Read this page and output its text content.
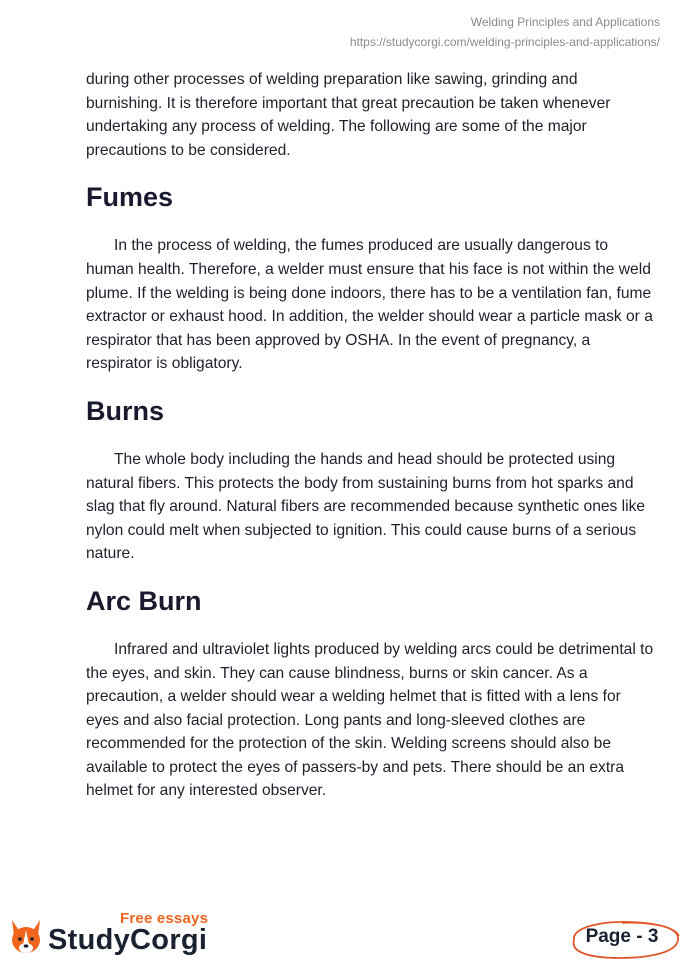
Welding Principles and Applications
https://studycorgi.com/welding-principles-and-applications/

during other processes of welding preparation like sawing, grinding and burnishing. It is therefore important that great precaution be taken whenever undertaking any process of welding. The following are some of the major precautions to be considered.

Fumes

In the process of welding, the fumes produced are usually dangerous to human health. Therefore, a welder must ensure that his face is not within the weld plume. If the welding is being done indoors, there has to be a ventilation fan, fume extractor or exhaust hood. In addition, the welder should wear a particle mask or a respirator that has been approved by OSHA. In the event of pregnancy, a respirator is obligatory.

Burns

The whole body including the hands and head should be protected using natural fibers. This protects the body from sustaining burns from hot sparks and slag that fly around. Natural fibers are recommended because synthetic ones like nylon could melt when subjected to ignition. This could cause burns of a serious nature.

Arc Burn

Infrared and ultraviolet lights produced by welding arcs could be detrimental to the eyes, and skin. They can cause blindness, burns or skin cancer. As a precaution, a welder should wear a welding helmet that is fitted with a lens for eyes and also facial protection. Long pants and long-sleeved clothes are recommended for the protection of the skin. Welding screens should also be available to protect the eyes of passers-by and pets. There should be an extra helmet for any interested observer.

Free essays
StudyCorgi	Page - 3
